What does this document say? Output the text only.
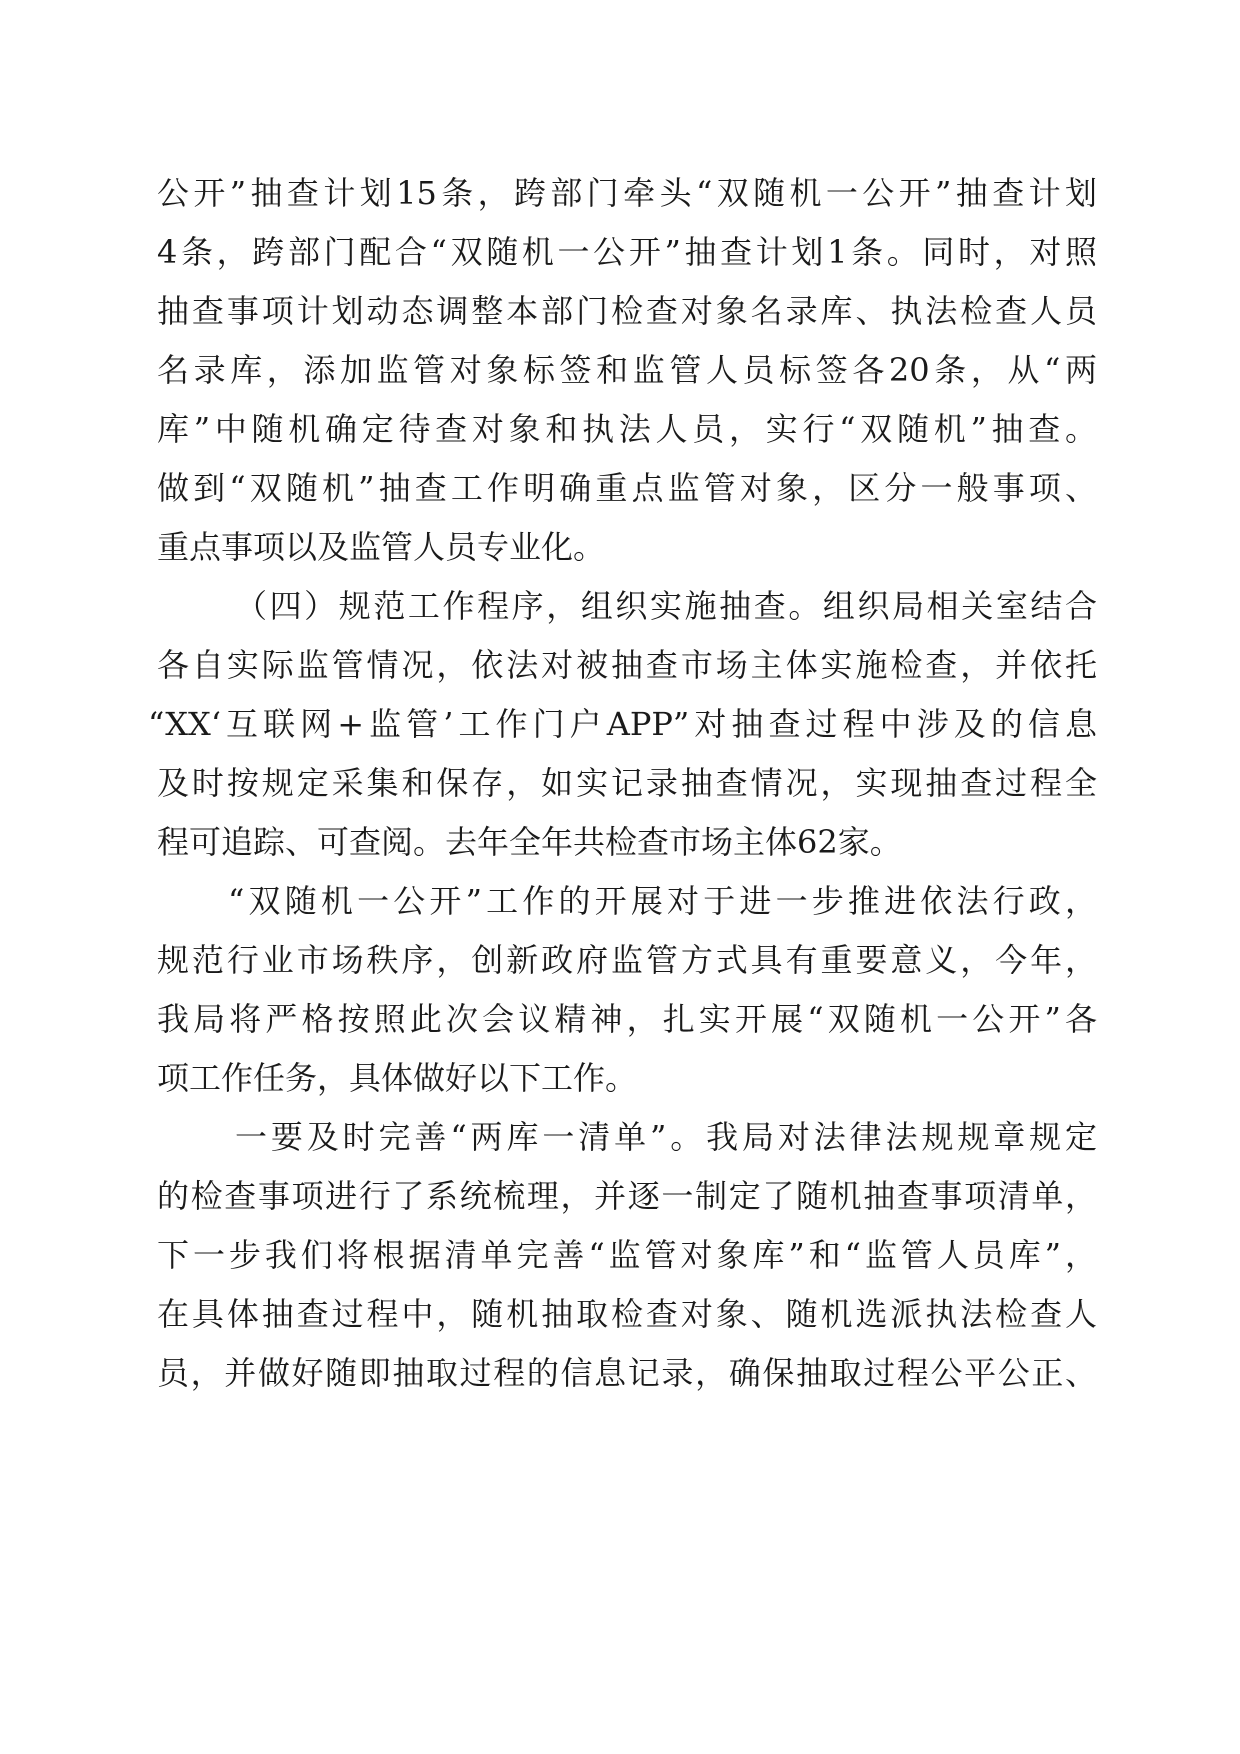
公开”抽查计划15条，跨部门牵头“双随机一公开”抽查计划
4条，跨部门配合“双随机一公开”抽查计划1条。同时，对照
抽查事项计划动态调整本部门检查对象名录库、执法检查人员
名录库，添加监管对象标签和监管人员标签各20条，从“两
库”中随机确定待查对象和执法人员，实行“双随机”抽查。
做到“双随机”抽查工作明确重点监管对象，区分一般事项、
重点事项以及监管人员专业化。
（四）规范工作程序，组织实施抽查。组织局相关室结合
各自实际监管情况，依法对被抽查市场主体实施检查，并依托
“XX‘互联网+监管’工作门户APP”对抽查过程中涉及的信息
及时按规定采集和保存，如实记录抽查情况，实现抽查过程全
程可追踪、可查阅。去年全年共检查市场主体62家。
“双随机一公开”工作的开展对于进一步推进依法行政，
规范行业市场秩序，创新政府监管方式具有重要意义，今年，
我局将严格按照此次会议精神，扎实开展“双随机一公开”各
项工作任务，具体做好以下工作。
一要及时完善“两库一清单”。我局对法律法规规章规定
的检查事项进行了系统梳理，并逐一制定了随机抽查事项清单，
下一步我们将根据清单完善“监管对象库”和“监管人员库”，
在具体抽查过程中，随机抽取检查对象、随机选派执法检查人
员，并做好随即抽取过程的信息记录，确保抽取过程公平公正、
